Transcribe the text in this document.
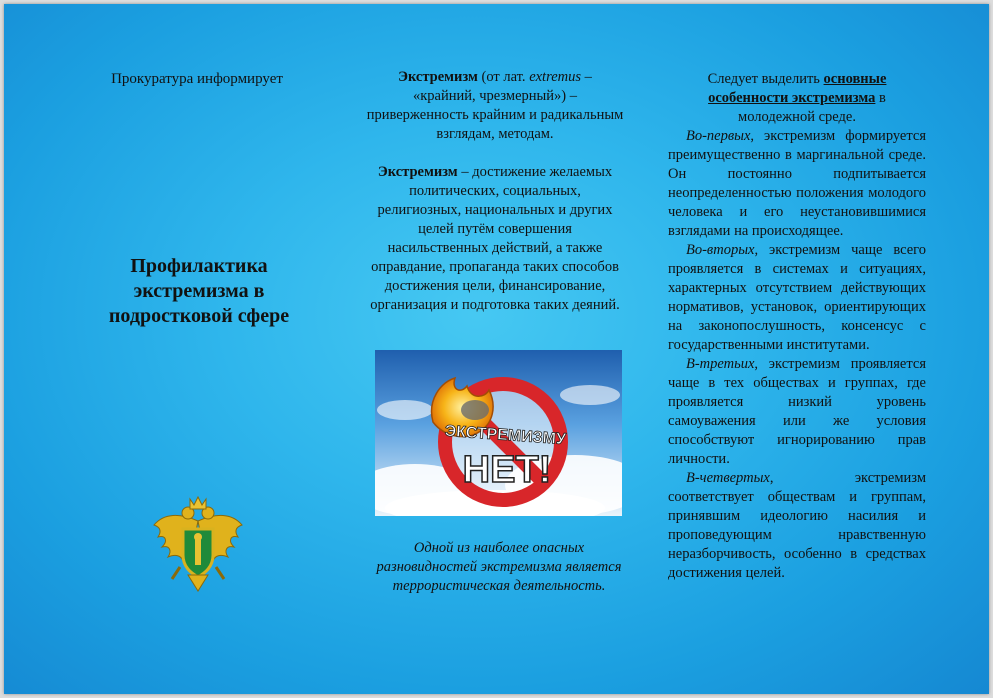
Прокуратура информирует
Профилактика
экстремизма в
подростковой сфере

Экстремизм (от лат. extremus – «крайний, чрезмерный») – приверженность крайним и радикальным взглядам, методам.

Экстремизм – достижение желаемых политических, социальных, религиозных, национальных и других целей путём совершения насильственных действий, а также оправдание, пропаганда таких способов достижения цели, финансирование, организация и подготовка таких деяний.

ЭКСТРЕМИЗМУ
НЕТ!
Одной из наиболее опасных разновидностей экстремизма является террористическая деятельность.
Следует выделить основные особенности экстремизма в молодежной среде.

Во-первых, экстремизм формируется преимущественно в маргинальной среде. Он постоянно подпитывается неопределенностью положения молодого человека и его неустановившимися взглядами на происходящее.

Во-вторых, экстремизм чаще всего проявляется в системах и ситуациях, характерных отсутствием действующих нормативов, установок, ориентирующих на законопослушность, консенсус с государственными институтами.

В-третьих, экстремизм проявляется чаще в тех обществах и группах, где проявляется низкий уровень самоуважения или же условия способствуют игнорированию прав личности.

В-четвертых, экстремизм соответствует обществам и группам, принявшим идеологию насилия и проповедующим нравственную неразборчивость, особенно в средствах достижения целей.
